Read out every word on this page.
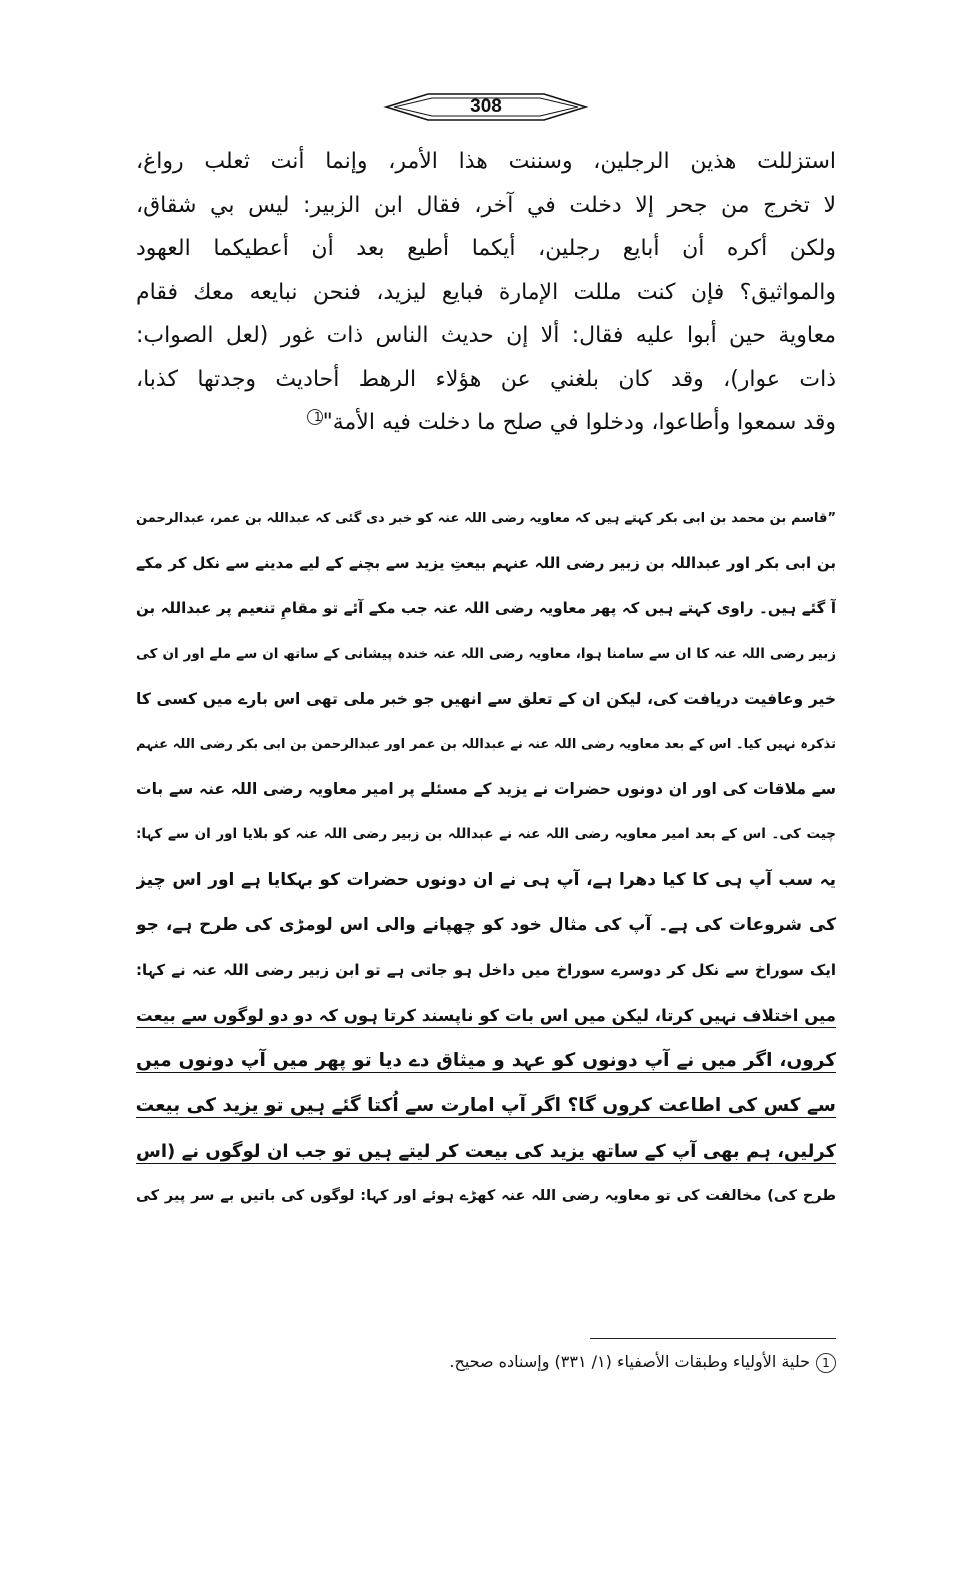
308
استزللت هذين الرجلين، وسننت هذا الأمر، وإنما أنت ثعلب رواغ،
لا تخرج من جحر إلا دخلت في آخر، فقال ابن الزبير: ليس بي شقاق،
ولكن أكره أن أبايع رجلين، أيكما أطيع بعد أن أعطيكما العهود
والمواثيق؟ فإن كنت مللت الإمارة فبايع ليزيد، فنحن نبايعه معك فقام
معاوية حين أبوا عليه فقال: ألا إن حديث الناس ذات غور (لعل الصواب:
ذات عوار)، وقد كان بلغني عن هؤلاء الرهط أحاديث وجدتها كذبا،
وقد سمعوا وأطاعوا، ودخلوا في صلح ما دخلت فيه الأمة"1
”قاسم بن محمد بن ابی بکر کہتے ہیں کہ معاویہ رضی اللہ عنہ کو خبر دی گئی کہ عبداللہ بن عمر، عبدالرحمن
بن ابی بکر اور عبداللہ بن زبیر رضی اللہ عنہم بیعتِ یزید سے بچنے کے لیے مدینے سے نکل کر مکے
آ گئے ہیں۔ راوی کہتے ہیں کہ پھر معاویہ رضی اللہ عنہ جب مکے آئے تو مقامِ تنعیم پر عبداللہ بن
زبیر رضی اللہ عنہ کا ان سے سامنا ہوا، معاویہ رضی اللہ عنہ خندہ پیشانی کے ساتھ ان سے ملے اور ان کی
خیر وعافیت دریافت کی، لیکن ان کے تعلق سے انھیں جو خبر ملی تھی اس بارے میں کسی کا
تذکرہ نہیں کیا۔ اس کے بعد معاویہ رضی اللہ عنہ نے عبداللہ بن عمر اور عبدالرحمن بن ابی بکر رضی اللہ عنہم
سے ملاقات کی اور ان دونوں حضرات نے یزید کے مسئلے پر امیر معاویہ رضی اللہ عنہ سے بات
چیت کی۔ اس کے بعد امیر معاویہ رضی اللہ عنہ نے عبداللہ بن زبیر رضی اللہ عنہ کو بلایا اور ان سے کہا:
یہ سب آپ ہی کا کیا دھرا ہے، آپ ہی نے ان دونوں حضرات کو بہکایا ہے اور اس چیز
کی شروعات کی ہے۔ آپ کی مثال خود کو چھپانے والی اس لومڑی کی طرح ہے، جو
ایک سوراخ سے نکل کر دوسرے سوراخ میں داخل ہو جاتی ہے تو ابن زبیر رضی اللہ عنہ نے کہا:
میں اختلاف نہیں کرتا، لیکن میں اس بات کو ناپسند کرتا ہوں کہ دو دو لوگوں سے بیعت
کروں، اگر میں نے آپ دونوں کو عہد و میثاق دے دیا تو پھر میں آپ دونوں میں
سے کس کی اطاعت کروں گا؟ اگر آپ امارت سے اُکتا گئے ہیں تو یزید کی بیعت
کرلیں، ہم بھی آپ کے ساتھ یزید کی بیعت کر لیتے ہیں تو جب ان لوگوں نے (اس
طرح کی) مخالفت کی تو معاویہ رضی اللہ عنہ کھڑے ہوئے اور کہا: لوگوں کی باتیں بے سر پیر کی
1حلية الأولياء وطبقات الأصفياء (١/ ٣٣١) وإسناده صحيح.
